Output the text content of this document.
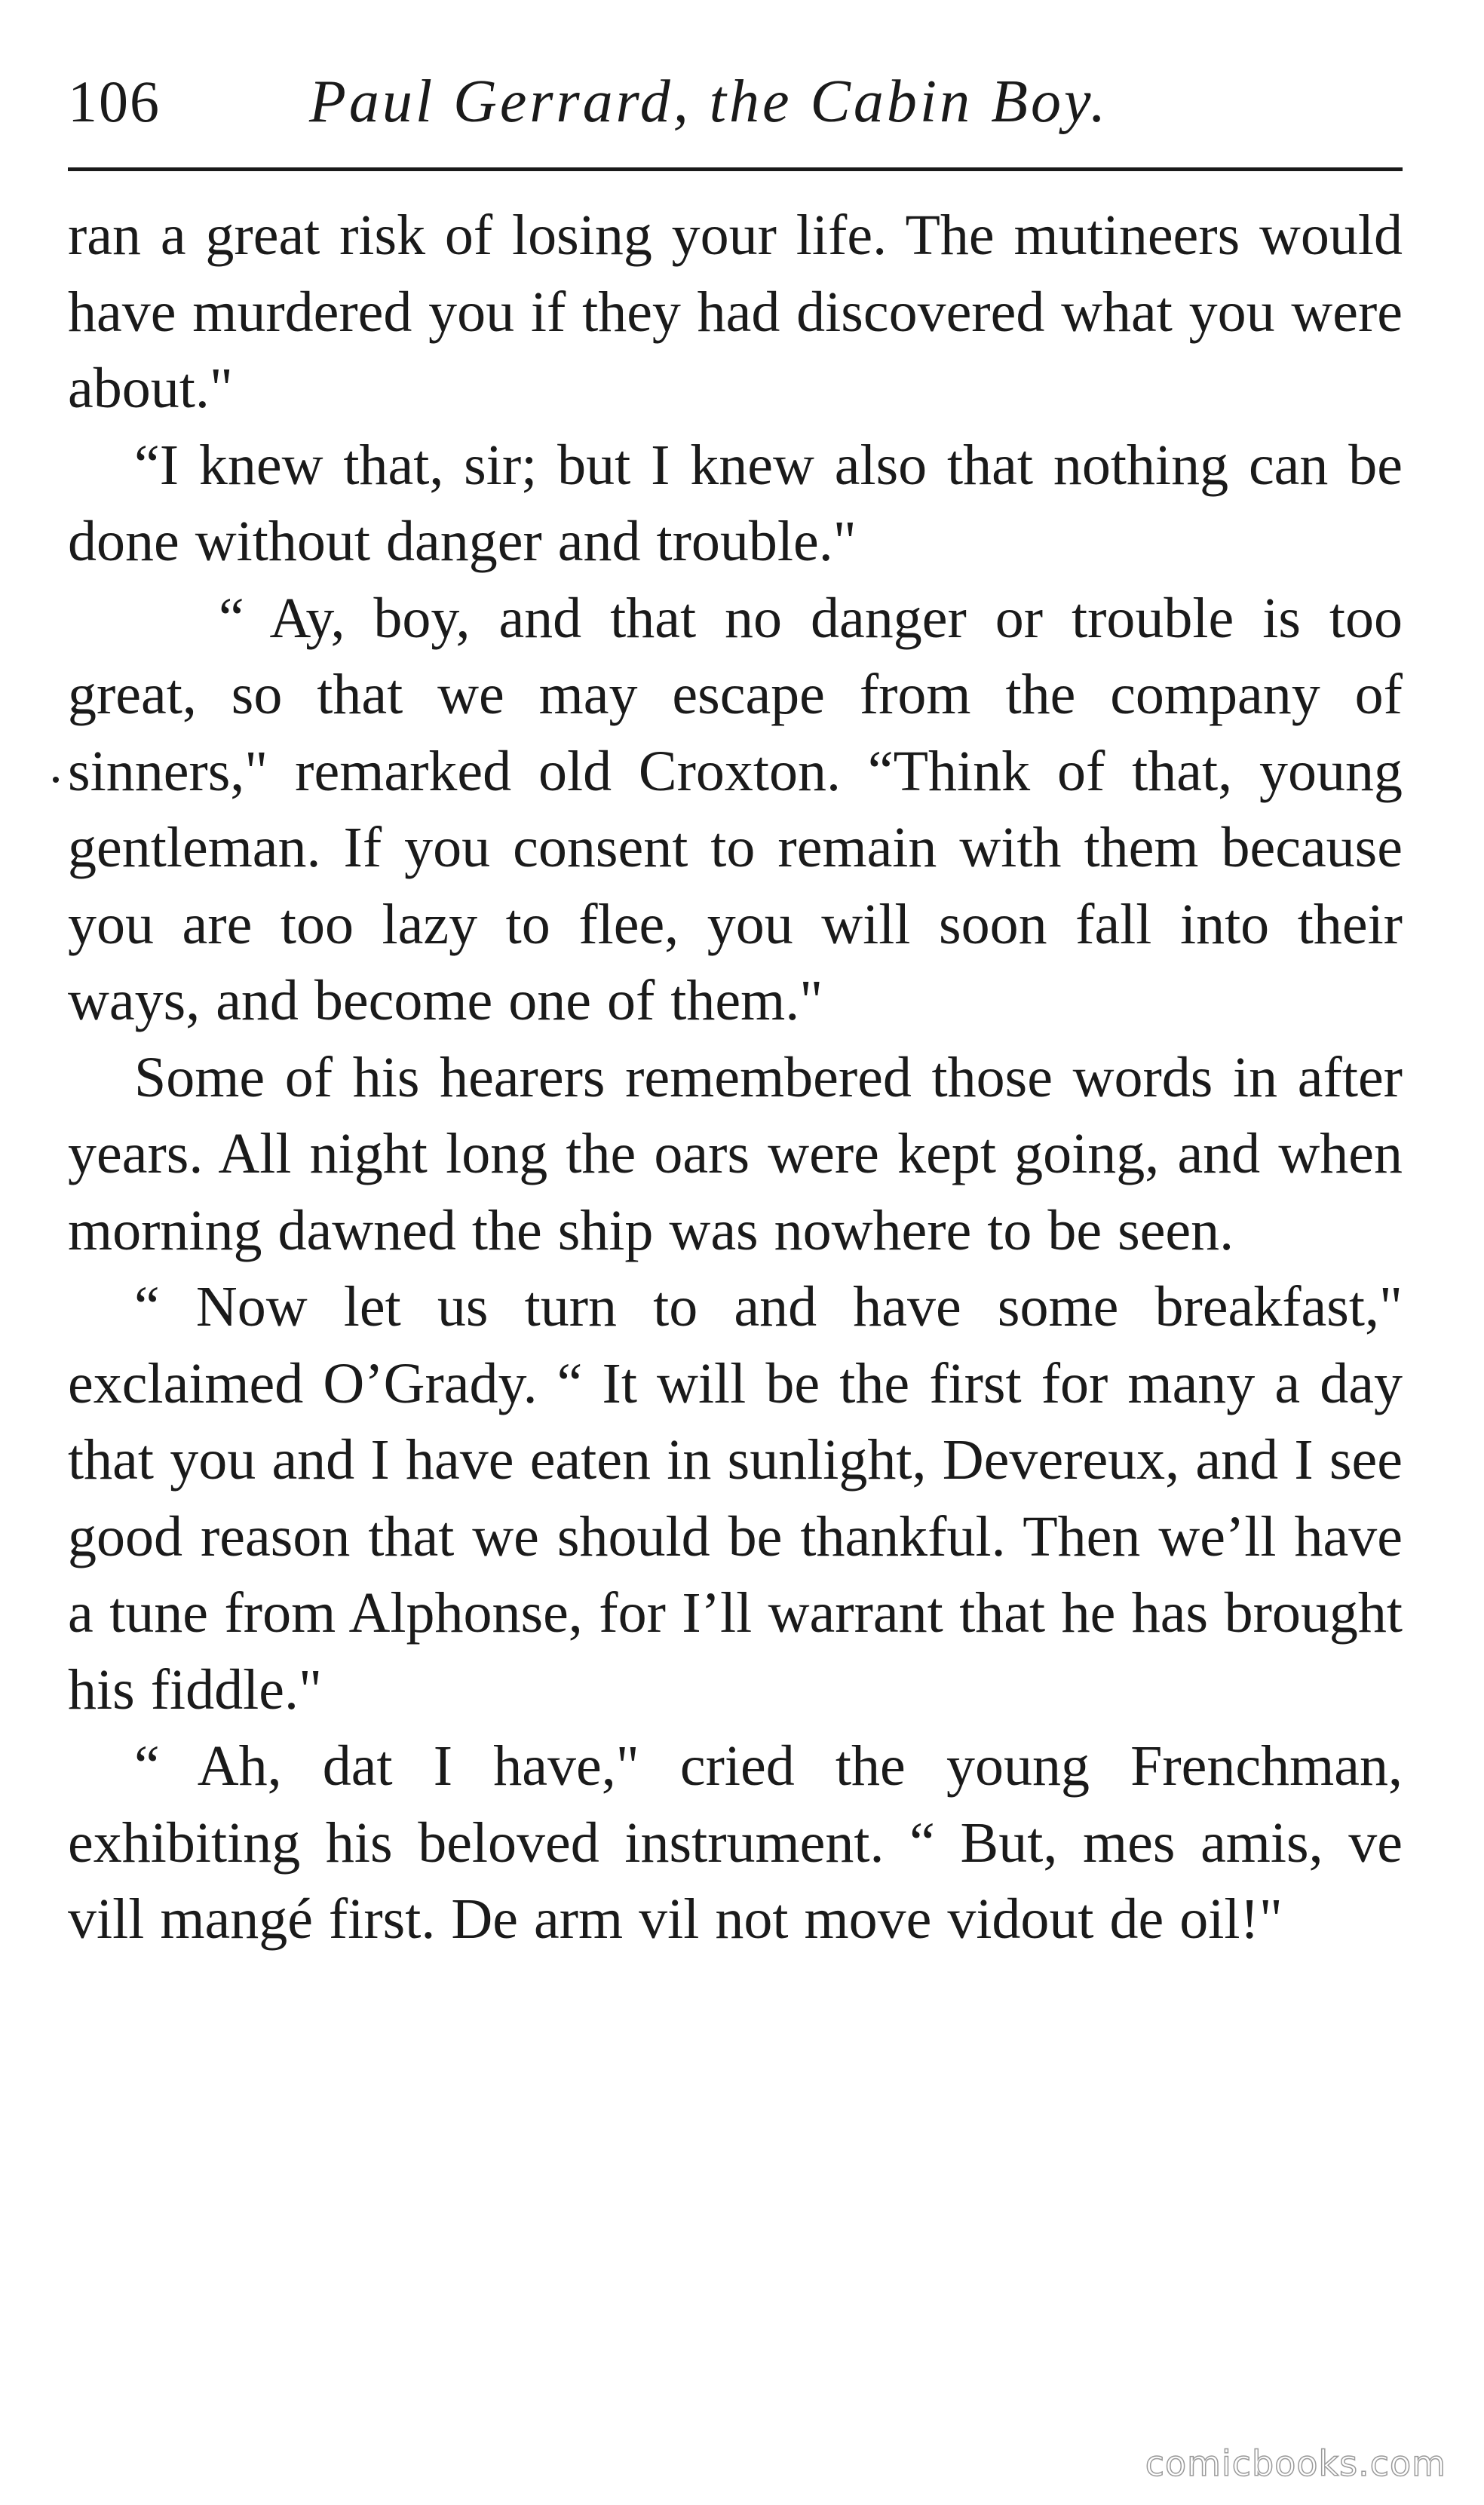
106 Paul Gerrard, the Cabin Boy.

ran a great risk of losing your life. The mutineers would have murdered you if they had discovered what you were about."

“I knew that, sir; but I knew also that nothing can be done without danger and trouble."

“ Ay, boy, and that no danger or trouble is too great, so that we may escape from the company of sinners," remarked old Croxton. “Think of that, young gentleman. If you consent to remain with them because you are too lazy to flee, you will soon fall into their ways, and become one of them."

Some of his hearers remembered those words in after years. All night long the oars were kept going, and when morning dawned the ship was nowhere to be seen.

“ Now let us turn to and have some breakfast," exclaimed O’Grady. “ It will be the first for many a day that you and I have eaten in sunlight, Devereux, and I see good reason that we should be thankful. Then we’ll have a tune from Alphonse, for I’ll warrant that he has brought his fiddle."

“ Ah, dat I have," cried the young Frenchman, exhibiting his beloved instrument. “ But, mes amis, ve vill mangé first. De arm vil not move vidout de oil!"

comicbooks.com
